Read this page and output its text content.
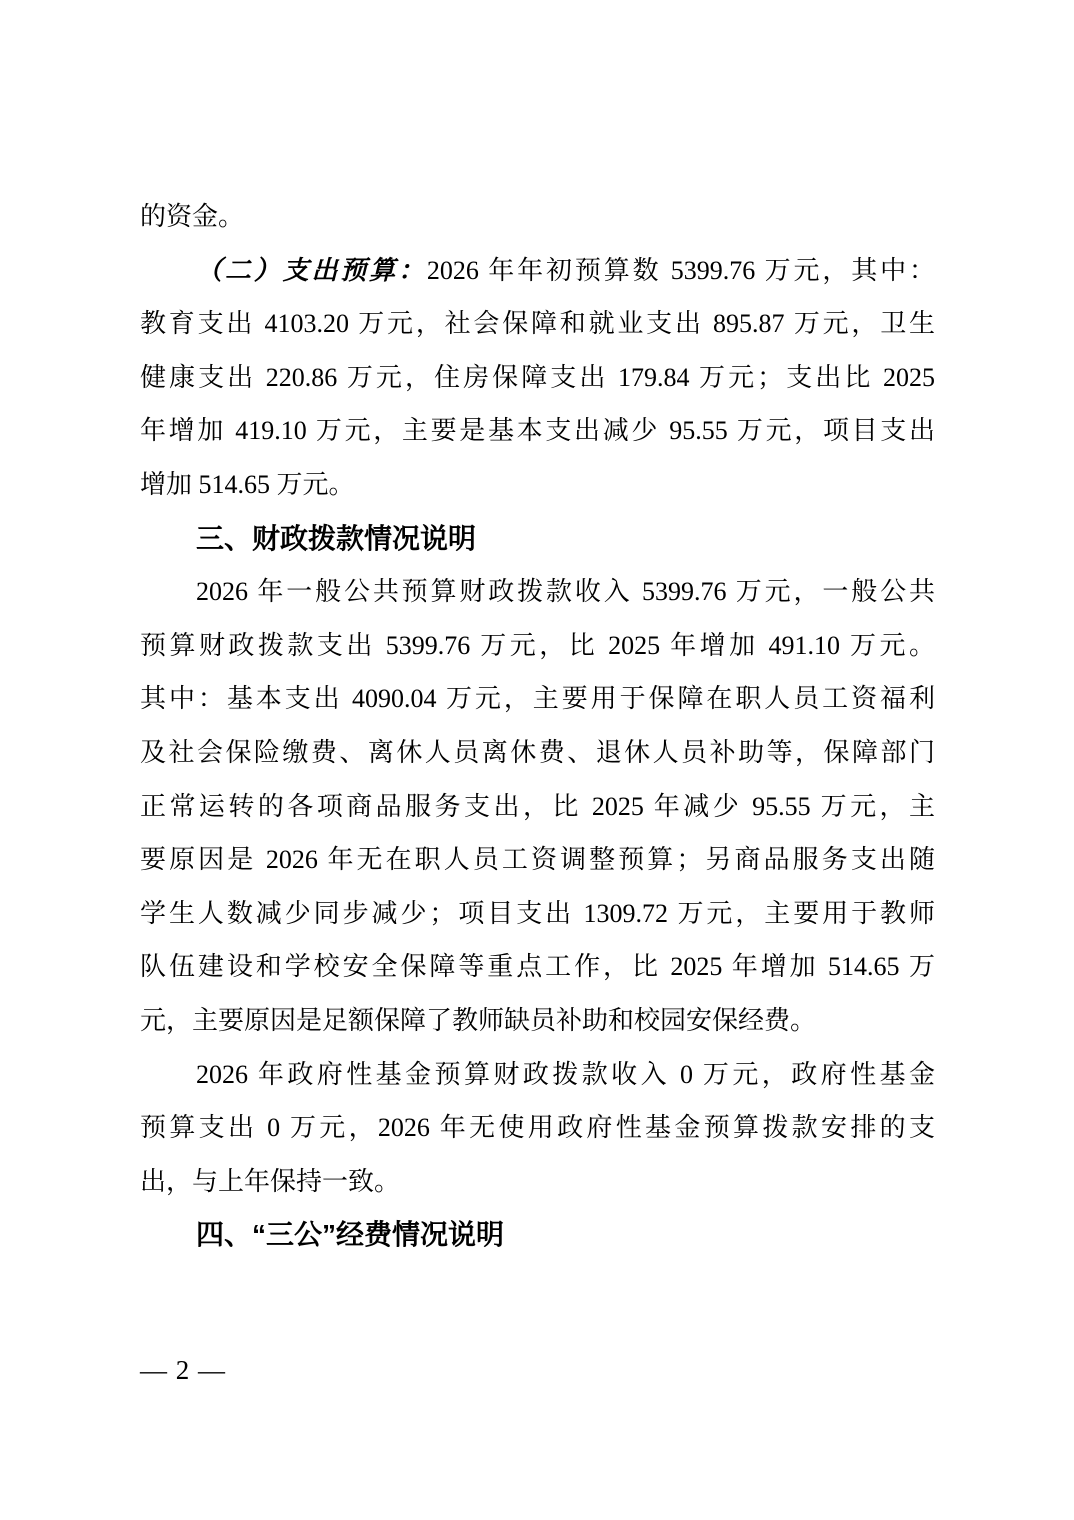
的资金。
（二）支出预算：2026 年年初预算数 5399.76 万元，其中：
教育支出 4103.20 万元，社会保障和就业支出 895.87 万元，卫生
健康支出 220.86 万元，住房保障支出 179.84 万元；支出比 2025
年增加 419.10 万元，主要是基本支出减少 95.55 万元，项目支出
增加 514.65 万元。
三、财政拨款情况说明
2026 年一般公共预算财政拨款收入 5399.76 万元，一般公共
预算财政拨款支出 5399.76 万元，比 2025 年增加 491.10 万元。
其中：基本支出 4090.04 万元，主要用于保障在职人员工资福利
及社会保险缴费、离休人员离休费、退休人员补助等，保障部门
正常运转的各项商品服务支出，比 2025 年减少 95.55 万元，主
要原因是 2026 年无在职人员工资调整预算；另商品服务支出随
学生人数减少同步减少；项目支出 1309.72 万元，主要用于教师
队伍建设和学校安全保障等重点工作，比 2025 年增加 514.65 万
元，主要原因是足额保障了教师缺员补助和校园安保经费。
2026 年政府性基金预算财政拨款收入 0 万元，政府性基金
预算支出 0 万元，2026 年无使用政府性基金预算拨款安排的支
出，与上年保持一致。
四、“三公”经费情况说明
— 2 —
